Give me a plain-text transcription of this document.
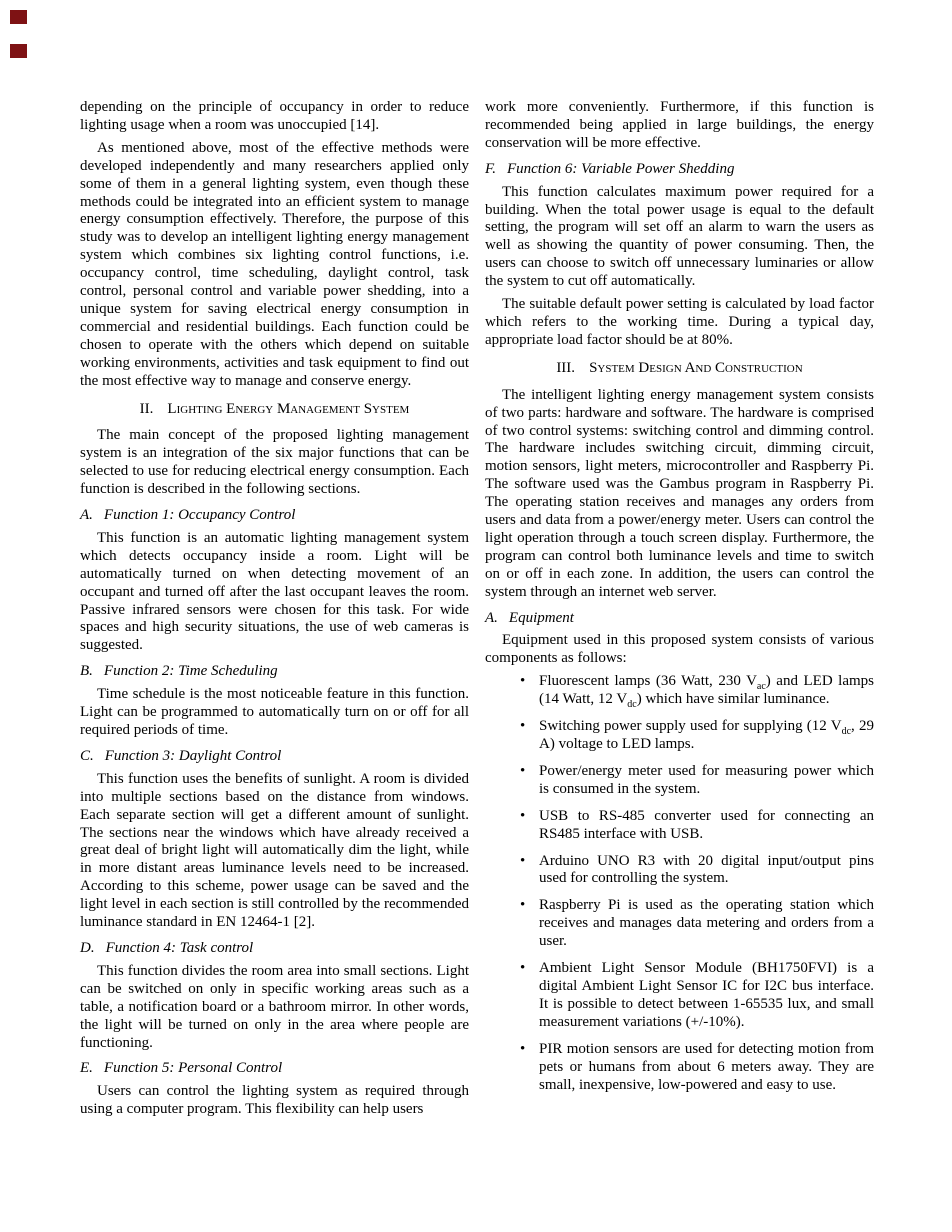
depending on the principle of occupancy in order to reduce lighting usage when a room was unoccupied [14].

As mentioned above, most of the effective methods were developed independently and many researchers applied only some of them in a general lighting system, even though these methods could be integrated into an efficient system to manage energy consumption effectively. Therefore, the purpose of this study was to develop an intelligent lighting energy management system which combines six lighting control functions, i.e. occupancy control, time scheduling, daylight control, task control, personal control and variable power shedding, into a unique system for saving electrical energy consumption in commercial and residential buildings. Each function could be chosen to operate with the others which depend on suitable working environments, activities and task equipment to find out the most effective way to manage and conserve energy.

II. Lighting Energy Management System

The main concept of the proposed lighting management system is an integration of the six major functions that can be selected to use for reducing electrical energy consumption. Each function is described in the following sections.

A. Function 1: Occupancy Control

This function is an automatic lighting management system which detects occupancy inside a room. Light will be automatically turned on when detecting movement of an occupant and turned off after the last occupant leaves the room. Passive infrared sensors were chosen for this task. For wide spaces and high security situations, the use of web cameras is suggested.

B. Function 2: Time Scheduling

Time schedule is the most noticeable feature in this function. Light can be programmed to automatically turn on or off for all required periods of time.

C. Function 3: Daylight Control

This function uses the benefits of sunlight. A room is divided into multiple sections based on the distance from windows. Each separate section will get a different amount of sunlight. The sections near the windows which have already received a great deal of bright light will automatically dim the light, while in more distant areas luminance levels need to be increased. According to this scheme, power usage can be saved and the light level in each section is still controlled by the recommended luminance standard in EN 12464-1 [2].

D. Function 4: Task control

This function divides the room area into small sections. Light can be switched on only in specific working areas such as a table, a notification board or a bathroom mirror. In other words, the light will be turned on only in the area where people are functioning.

E. Function 5: Personal Control

Users can control the lighting system as required through using a computer program. This flexibility can help users

work more conveniently. Furthermore, if this function is recommended being applied in large buildings, the energy conservation will be more effective.

F. Function 6: Variable Power Shedding

This function calculates maximum power required for a building. When the total power usage is equal to the default setting, the program will set off an alarm to warn the users as well as showing the quantity of power consuming. Then, the users can choose to switch off unnecessary luminaries or allow the system to cut off automatically.

The suitable default power setting is calculated by load factor which refers to the working time. During a typical day, appropriate load factor should be at 80%.

III. System Design And Construction

The intelligent lighting energy management system consists of two parts: hardware and software. The hardware is comprised of two control systems: switching control and dimming control. The hardware includes switching circuit, dimming circuit, motion sensors, light meters, microcontroller and Raspberry Pi. The software used was the Gambus program in Raspberry Pi. The operating station receives and manages any orders from users and data from a power/energy meter. Users can control the light operation through a touch screen display. Furthermore, the program can control both luminance levels and time to switch on or off in each zone. In addition, the users can control the system through an internet web server.

A. Equipment

Equipment used in this proposed system consists of various components as follows:

• Fluorescent lamps (36 Watt, 230 $V_{ac}$) and LED lamps (14 Watt, 12 $V_{dc}$) which have similar luminance.
• Switching power supply used for supplying (12 $V_{dc}$, 29 A) voltage to LED lamps.
• Power/energy meter used for measuring power which is consumed in the system.
• USB to RS-485 converter used for connecting an RS485 interface with USB.
• Arduino UNO R3 with 20 digital input/output pins used for controlling the system.
• Raspberry Pi is used as the operating station which receives and manages data metering and orders from a user.
• Ambient Light Sensor Module (BH1750FVI) is a digital Ambient Light Sensor IC for I2C bus interface. It is possible to detect between 1-65535 lux, and small measurement variations (+/-10%).
• PIR motion sensors are used for detecting motion from pets or humans from about 6 meters away. They are small, inexpensive, low-powered and easy to use.
